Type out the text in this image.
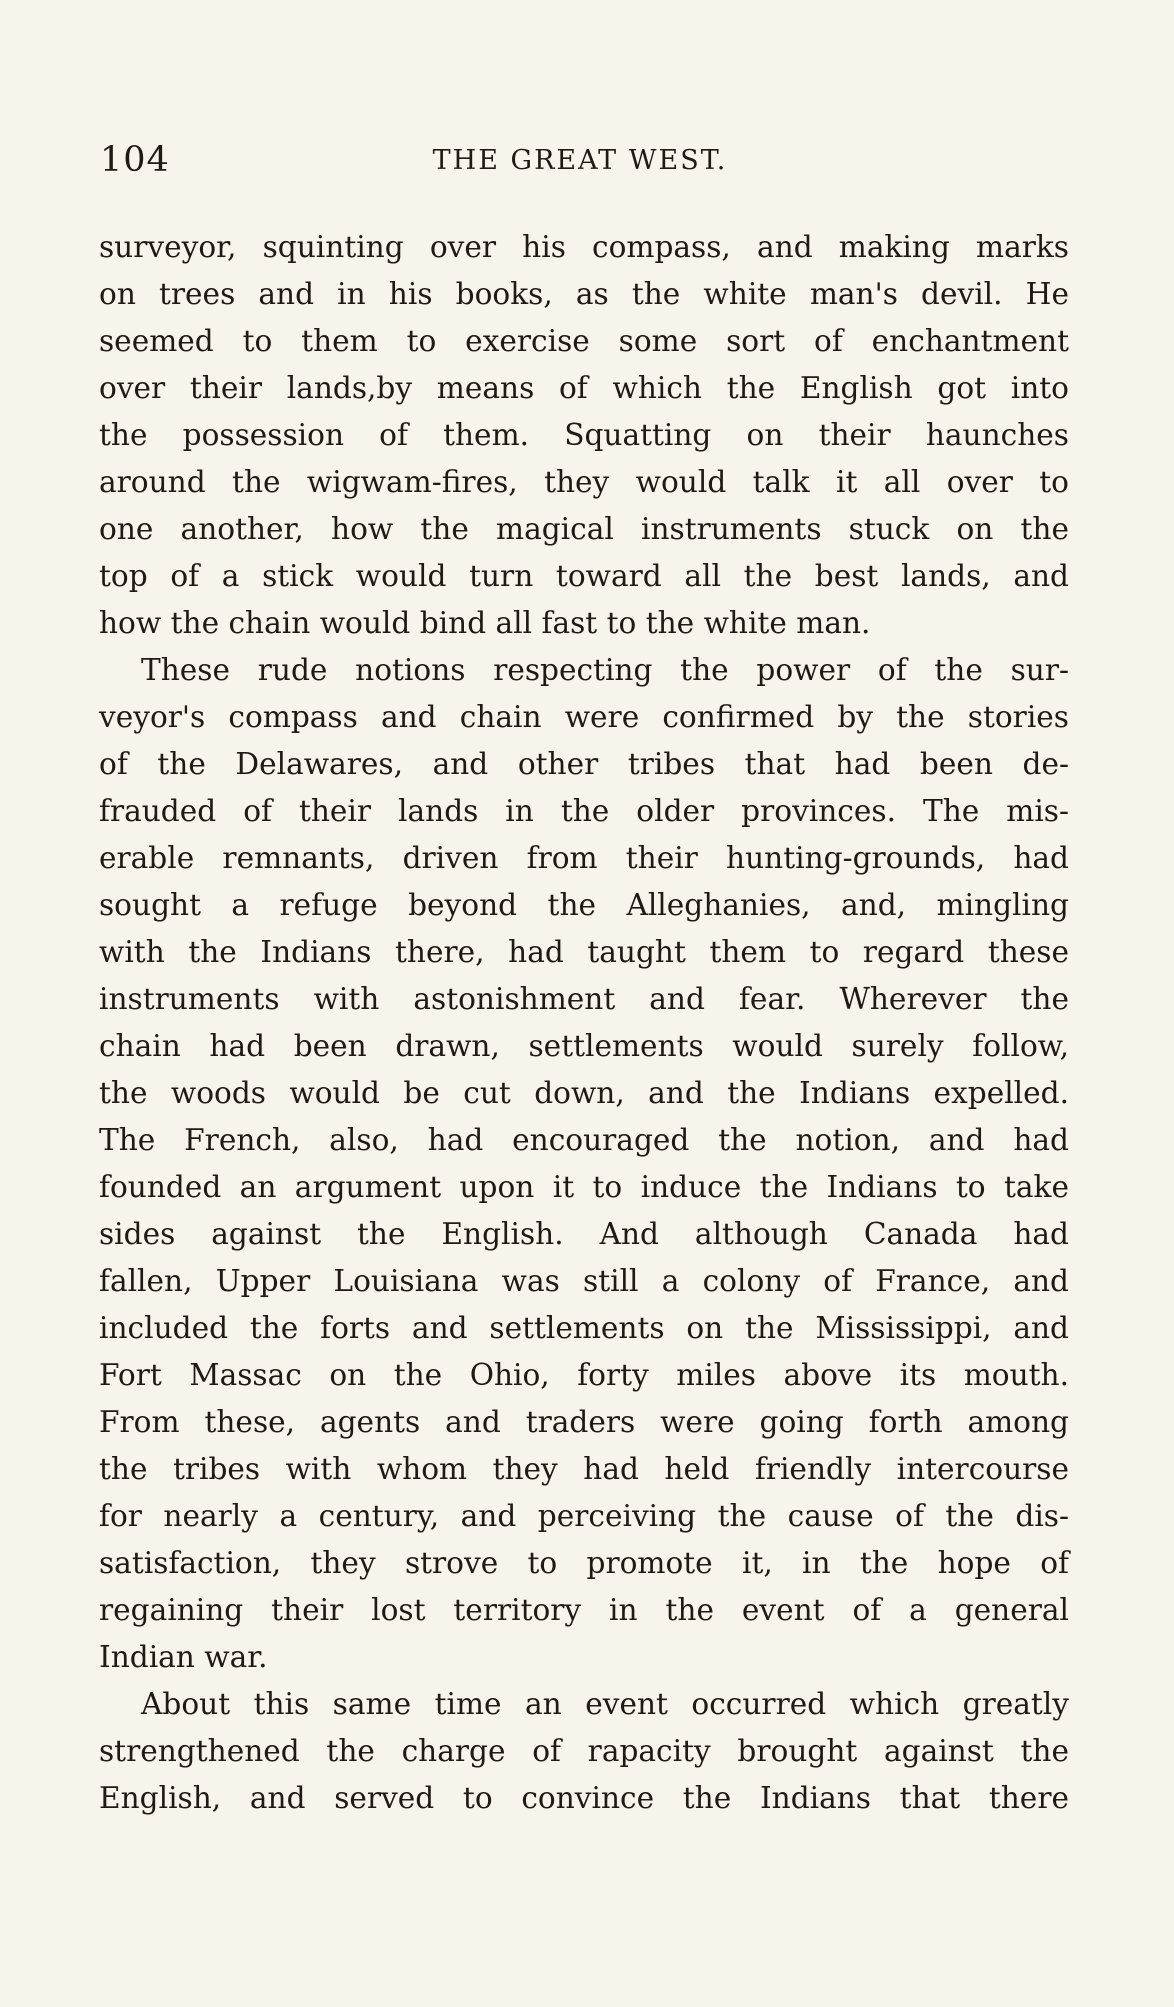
104	THE GREAT WEST.
surveyor, squinting over his compass, and making marks
on trees and in his books, as the white man's devil. He
seemed to them to exercise some sort of enchantment
over their lands,by means of which the English got into
the possession of them. Squatting on their haunches
around the wigwam-fires, they would talk it all over to
one another, how the magical instruments stuck on the
top of a stick would turn toward all the best lands, and
how the chain would bind all fast to the white man.
These rude notions respecting the power of the sur-
veyor's compass and chain were confirmed by the stories
of the Delawares, and other tribes that had been de-
frauded of their lands in the older provinces. The mis-
erable remnants, driven from their hunting-grounds, had
sought a refuge beyond the Alleghanies, and, mingling
with the Indians there, had taught them to regard these
instruments with astonishment and fear. Wherever the
chain had been drawn, settlements would surely follow,
the woods would be cut down, and the Indians expelled.
The French, also, had encouraged the notion, and had
founded an argument upon it to induce the Indians to take
sides against the English. And although Canada had
fallen, Upper Louisiana was still a colony of France, and
included the forts and settlements on the Mississippi, and
Fort Massac on the Ohio, forty miles above its mouth.
From these, agents and traders were going forth among
the tribes with whom they had held friendly intercourse
for nearly a century, and perceiving the cause of the dis-
satisfaction, they strove to promote it, in the hope of
regaining their lost territory in the event of a general
Indian war.
About this same time an event occurred which greatly
strengthened the charge of rapacity brought against the
English, and served to convince the Indians that there
